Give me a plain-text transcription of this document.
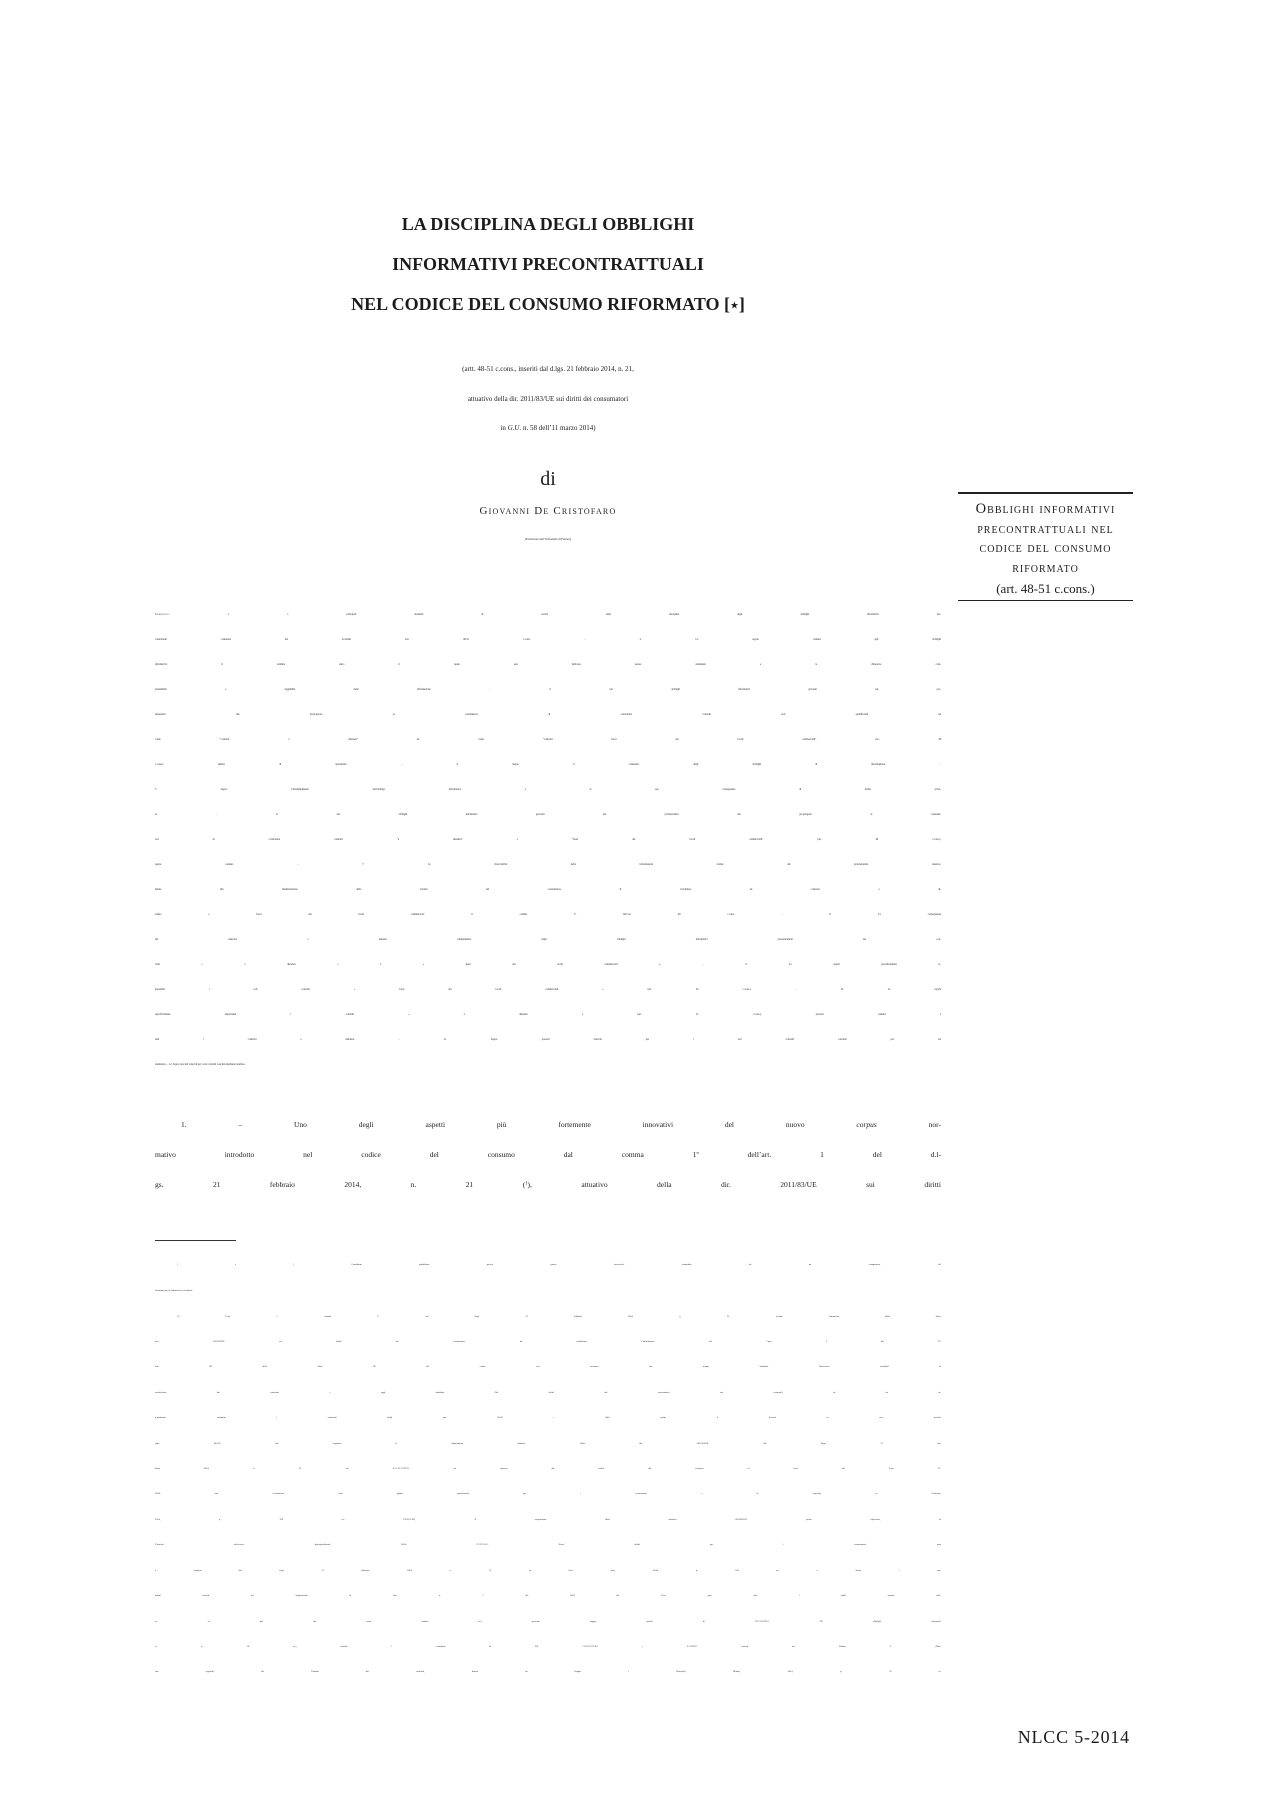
LA DISCIPLINA DEGLI OBBLIGHI
INFORMATIVI PRECONTRATTUALI
NEL CODICE DEL CONSUMO RIFORMATO [★]
(artt. 48-51 c.cons., inseriti dal d.lgs. 21 febbraio 2014, n. 21,
attuativo della dir. 2011/83/UE sui diritti dei consumatori
in G.U. n. 58 dell’11 marzo 2014)
di
Giovanni De Cristofaro
(Professore nell’Università di Ferrara)
Obblighi informativi
precontrattuali nel
codice del consumo
riformato
(art. 48-51 c.cons.)
Sommario: 1. I principali elementi di novità della disciplina degli obblighi informativi pre-
contrattuali contenuta nei novellati artt. 48-51 c.cons. – 2. Le regole comuni agli obblighi
informativi: il termine entro il quale essi debbono essere adempiuti e la chiarezza, com-
prensibilità e leggibilità delle informazioni. – 3. Gli obblighi informativi gravanti sui pro-
fessionisti che propongono ai consumatori di concludere contratti non qualificabili né
come “contratti a distanza” né come “contratti fuori dei locali commerciali” (art. 48
c.cons.): ambito di operatività. – 4. Segue: il contenuto degli obblighi di informazione. –
5. Segue: l’inadempimento dell’obbligo informativo e le sue conseguenze di diritto priva-
to. – 6. Gli obblighi informativi gravanti sui professionisti che propongono ai consuma-
tori di concludere contratti “a distanza” o “fuori dei locali commerciali” (art. 49 c.cons.):
regole comuni. – 7. La vincolatività delle informazioni fornite dal professionista anterior-
mente alla manifestazione della volontà del consumatore di concludere un contratto a di-
stanza o fuori dai locali commerciali: il comma 5º dell’art. 49 c.cons. – 8. Le conseguenze
del mancato o inesatto adempimento degli obblighi informativi precontrattuali nei con-
tratti « a distanza » e « fuori dei locali commerciali ». – 9. Le regole specificamente ri-
guardanti i soli contratti « fuori dei locali commerciali » (art. 50 c.cons.). – 10. Le regole
specificamente riguardanti i contratti « a distanza » (art. 51 c.cons.): precetti comuni a
tutti i contratti a distanza. – 11. Segue: precetti valevoli per i soli contratti conclusi per via
telematica. – 12. Segue: precetti valevoli per i soli contratti conclusi mediante telefono.
1. – Uno degli aspetti più fortemente innovativi del nuovo corpus nor-
mativo introdotto nel codice del consumo dal comma 1º dell’art. 1 del d.l-
gs. 21 febbraio 2014, n. 21 ($^1$), attuativo della dir. 2011/83/UE sui diritti
[★] Contributo pubblicato previo parere favorevole formulato da un componente del
Comitato per la valutazione scientifica.
($^1$) L’art. 1, comma 1º, del d.lgs. 21 febbraio 2014, n. 21, recante Attuazione della diret-
tiva 2011/83/UE sui diritti dei consumatori, ha modificato l’intitolazione del Capo I del Ti-
tolo III della Parte III del codice del consumo (un tempo intitolato Particolari modalità di
conclusione del contratto e oggi intitolato Dei diritti dei consumatori nei contratti) ed ha in-
tegralmente sostituito i contenuti degli artt. 45-47 e delle prime 4 Sezioni in esso inserite
(artt. 48-67), che ospitano le disposizioni attuative della dir. 2011/83/UE. Sul d.lgs. 21 feb-
braio 2014, n. 21, cfr. Pagliantini, La riforma del codice del consumo ai sensi del d.lgs. 21/
2014: una rivisitazione (con effetto paralizzante per i consumatori e le imprese), in Contratti,
2014, p. 796 ss.; Perugini, Il recepimento della direttiva 2011/83/UE: prime riflessioni, in
Giustizia civile.com. Approfondimenti, 2014; Cuffaro, Nuovi diritti per i consumatori: note
a margine del d.lgs. 21 febbraio 2014, n. 21, in Corr. giur., 2014, p. 745 ss.; v. altresì i con-
tributi inseriti nel Supplemento al fasc. n. 7 del 2014 del Corr. giur. (fra i quali assume rilie-
vo ai fini del tema trattato nel presente saggio quello di Occhiuzzi, Gli obblighi informati-
vi, p. 10 ss.), nonché i contributi di De Cristofaro e Farneti inseriti nel Volume V (Mer-
cati regolati) del Trattato dei contratti, diretto da Roppo e Benedetti, Milano, 2014, p. 70 ss.
NLCC 5-2014
